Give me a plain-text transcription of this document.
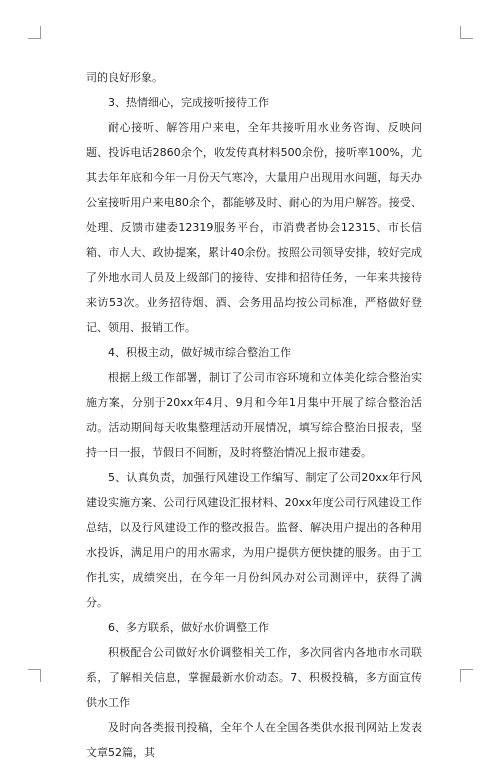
司的良好形象。

3、热情细心，完成接听接待工作

耐心接听、解答用户来电，全年共接听用水业务咨询、反映问题、投诉电话2860余个，收发传真材料500余份，接听率100%，尤其去年年底和今年一月份天气寒冷，大量用户出现用水问题，每天办公室接听用户来电80余个，都能够及时、耐心的为用户解答。接受、处理、反馈市建委12319服务平台，市消费者协会12315、市长信箱、市人大、政协提案，累计40余份。按照公司领导安排，较好完成了外地水司人员及上级部门的接待、安排和招待任务，一年来共接待来访53次。业务招待烟、酒、会务用品均按公司标准，严格做好登记、领用、报销工作。

4、积极主动，做好城市综合整治工作

根据上级工作部署，制订了公司市容环境和立体美化综合整治实施方案，分别于20xx年4月、9月和今年1月集中开展了综合整治活动。活动期间每天收集整理活动开展情况，填写综合整治日报表，坚持一日一报，节假日不间断，及时将整治情况上报市建委。

5、认真负责，加强行风建设工作编写、制定了公司20xx年行风建设实施方案、公司行风建设汇报材料、20xx年度公司行风建设工作总结，以及行风建设工作的整改报告。监督、解决用户提出的各种用水投诉，满足用户的用水需求，为用户提供方便快捷的服务。由于工作扎实，成绩突出，在今年一月份纠风办对公司测评中，获得了满分。

6、多方联系，做好水价调整工作

积极配合公司做好水价调整相关工作，多次同省内各地市水司联系，了解相关信息，掌握最新水价动态。7、积极投稿，多方面宣传供水工作

及时向各类报刊投稿，全年个人在全国各类供水报刊网站上发表文章52篇，其
